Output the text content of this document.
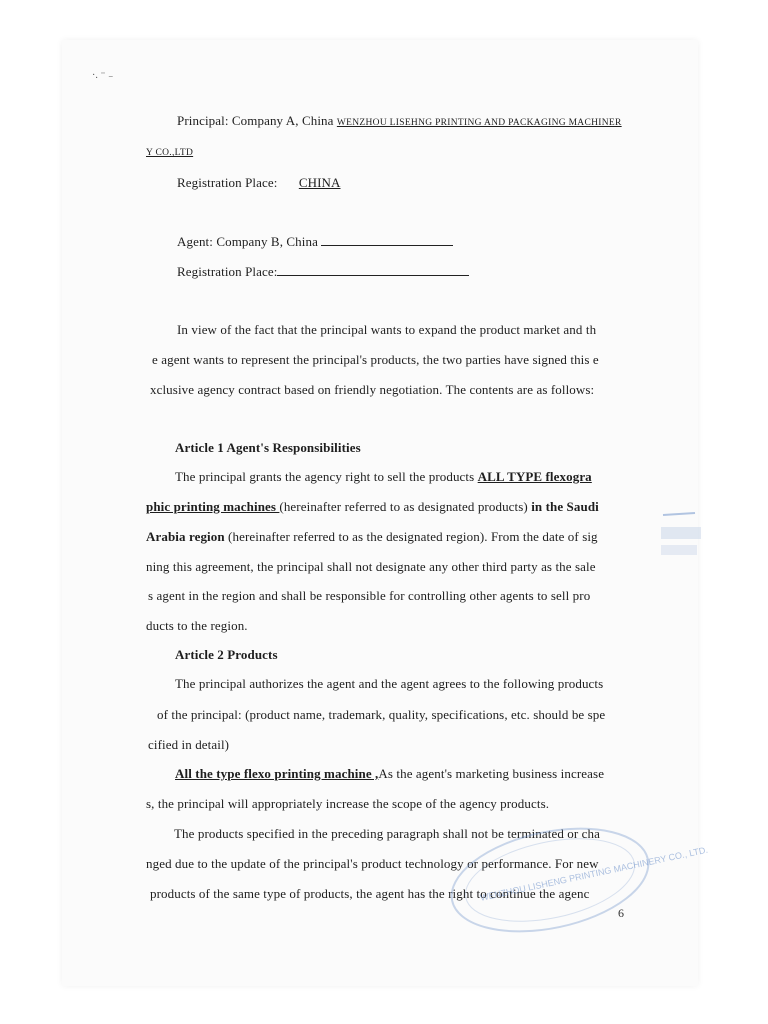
·. ⁻ ₋
Principal: Company A, China WENZHOU LISEHNG PRINTING AND PACKAGING MACHINER
Y CO.,LTD
Registration Place: CHINA
Agent: Company B, China
Registration Place:
In view of the fact that the principal wants to expand the product market and th
e agent wants to represent the principal's products, the two parties have signed this e
xclusive agency contract based on friendly negotiation. The contents are as follows:
Article 1 Agent's Responsibilities
The principal grants the agency right to sell the products ALL TYPE flexogra
phic printing machines (hereinafter referred to as designated products) in the Saudi
Arabia region (hereinafter referred to as the designated region). From the date of sig
ning this agreement, the principal shall not designate any other third party as the sale
s agent in the region and shall be responsible for controlling other agents to sell pro
ducts to the region.
Article 2 Products
The principal authorizes the agent and the agent agrees to the following products
of the principal: (product name, trademark, quality, specifications, etc. should be spe
cified in detail)
All the type flexo printing machine ,As the agent's marketing business increase
s, the principal will appropriately increase the scope of the agency products.
The products specified in the preceding paragraph shall not be terminated or cha
nged due to the update of the principal's product technology or performance. For new
products of the same type of products, the agent has the right to continue the agenc
WENZHOU LISHENG PRINTING MACHINERY CO., LTD.
6
